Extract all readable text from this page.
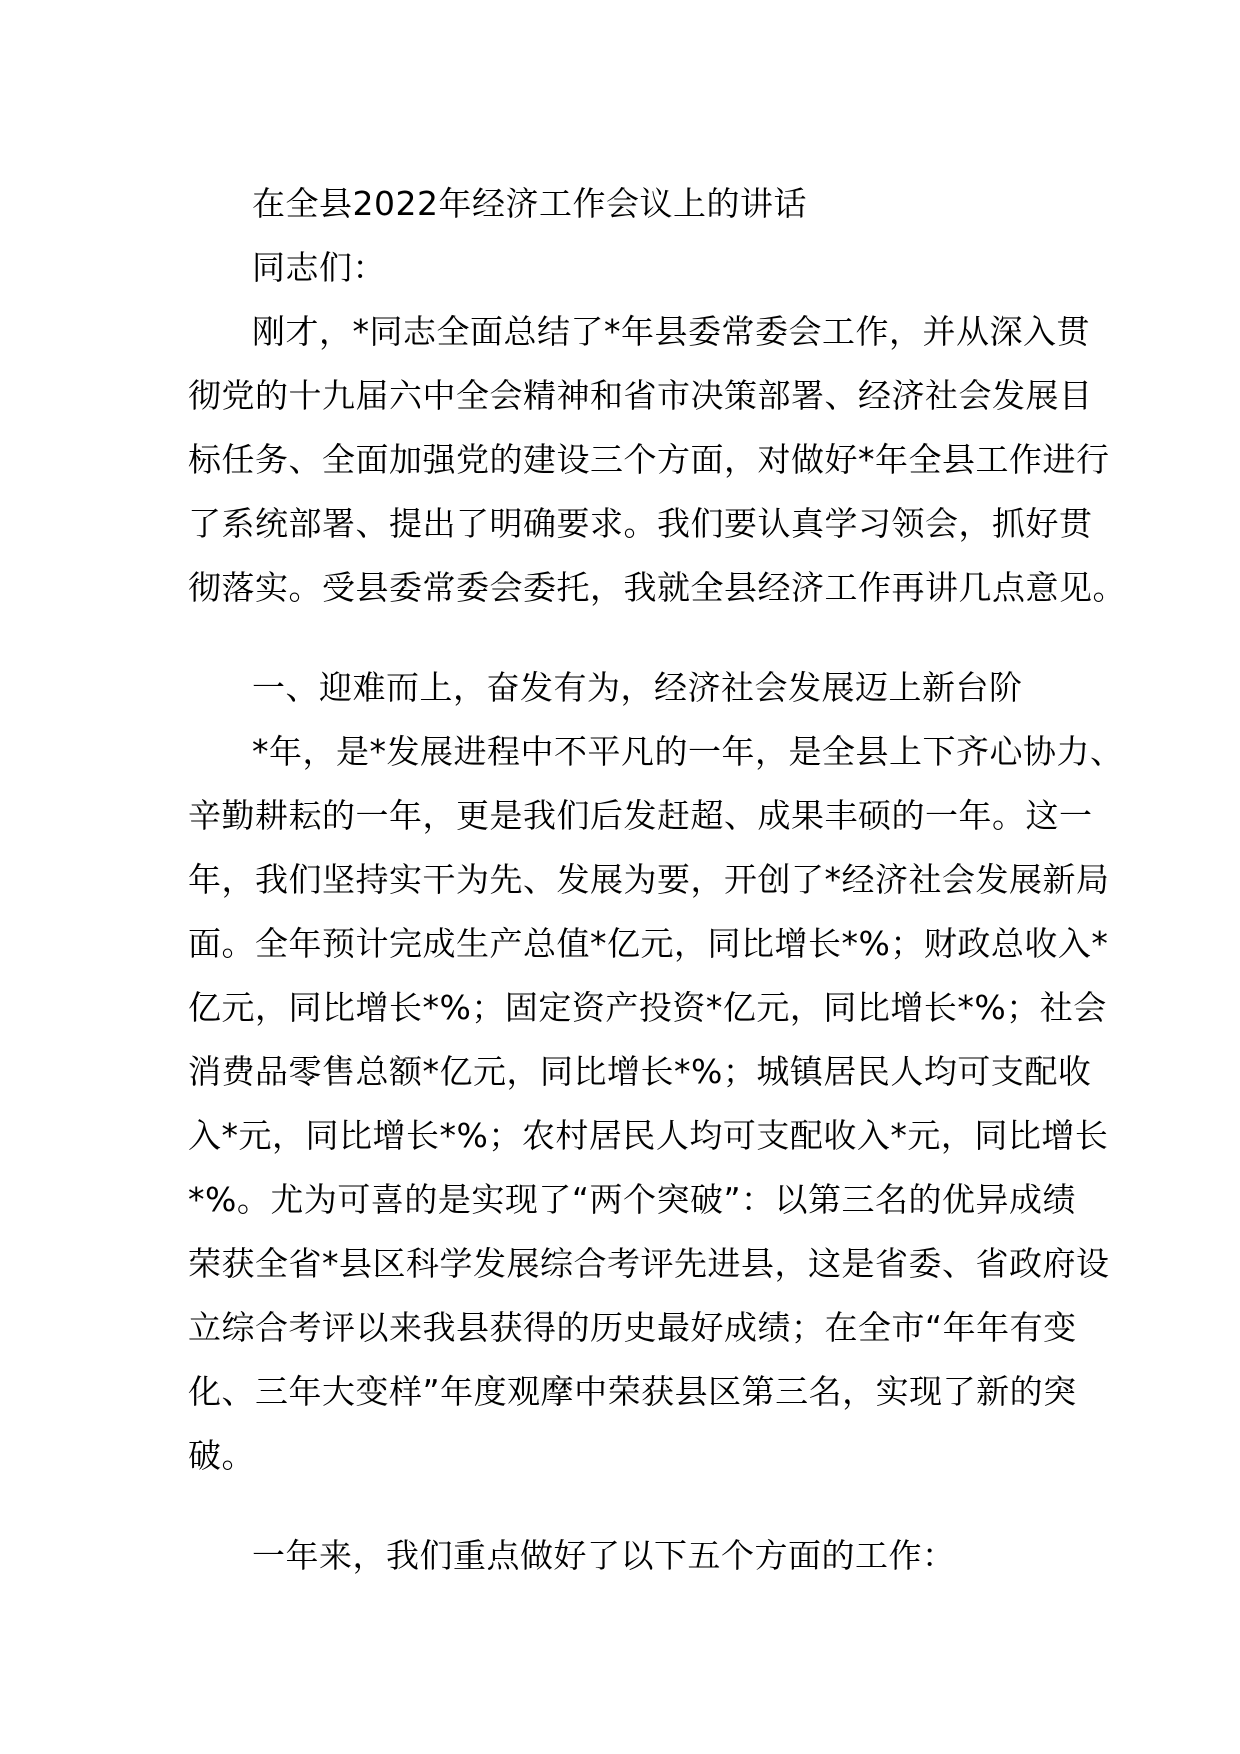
在全县2022年经济工作会议上的讲话
同志们：
刚才，*同志全面总结了*年县委常委会工作，并从深入贯
彻党的十九届六中全会精神和省市决策部署、经济社会发展目
标任务、全面加强党的建设三个方面，对做好*年全县工作进行
了系统部署、提出了明确要求。我们要认真学习领会，抓好贯
彻落实。受县委常委会委托，我就全县经济工作再讲几点意见。
一、迎难而上，奋发有为，经济社会发展迈上新台阶
*年，是*发展进程中不平凡的一年，是全县上下齐心协力、
辛勤耕耘的一年，更是我们后发赶超、成果丰硕的一年。这一
年，我们坚持实干为先、发展为要，开创了*经济社会发展新局
面。全年预计完成生产总值*亿元，同比增长*%；财政总收入*
亿元，同比增长*%；固定资产投资*亿元，同比增长*%；社会
消费品零售总额*亿元，同比增长*%；城镇居民人均可支配收
入*元，同比增长*%；农村居民人均可支配收入*元，同比增长
*%。尤为可喜的是实现了“两个突破”：以第三名的优异成绩
荣获全省*县区科学发展综合考评先进县，这是省委、省政府设
立综合考评以来我县获得的历史最好成绩；在全市“年年有变
化、三年大变样”年度观摩中荣获县区第三名，实现了新的突
破。
一年来，我们重点做好了以下五个方面的工作：
